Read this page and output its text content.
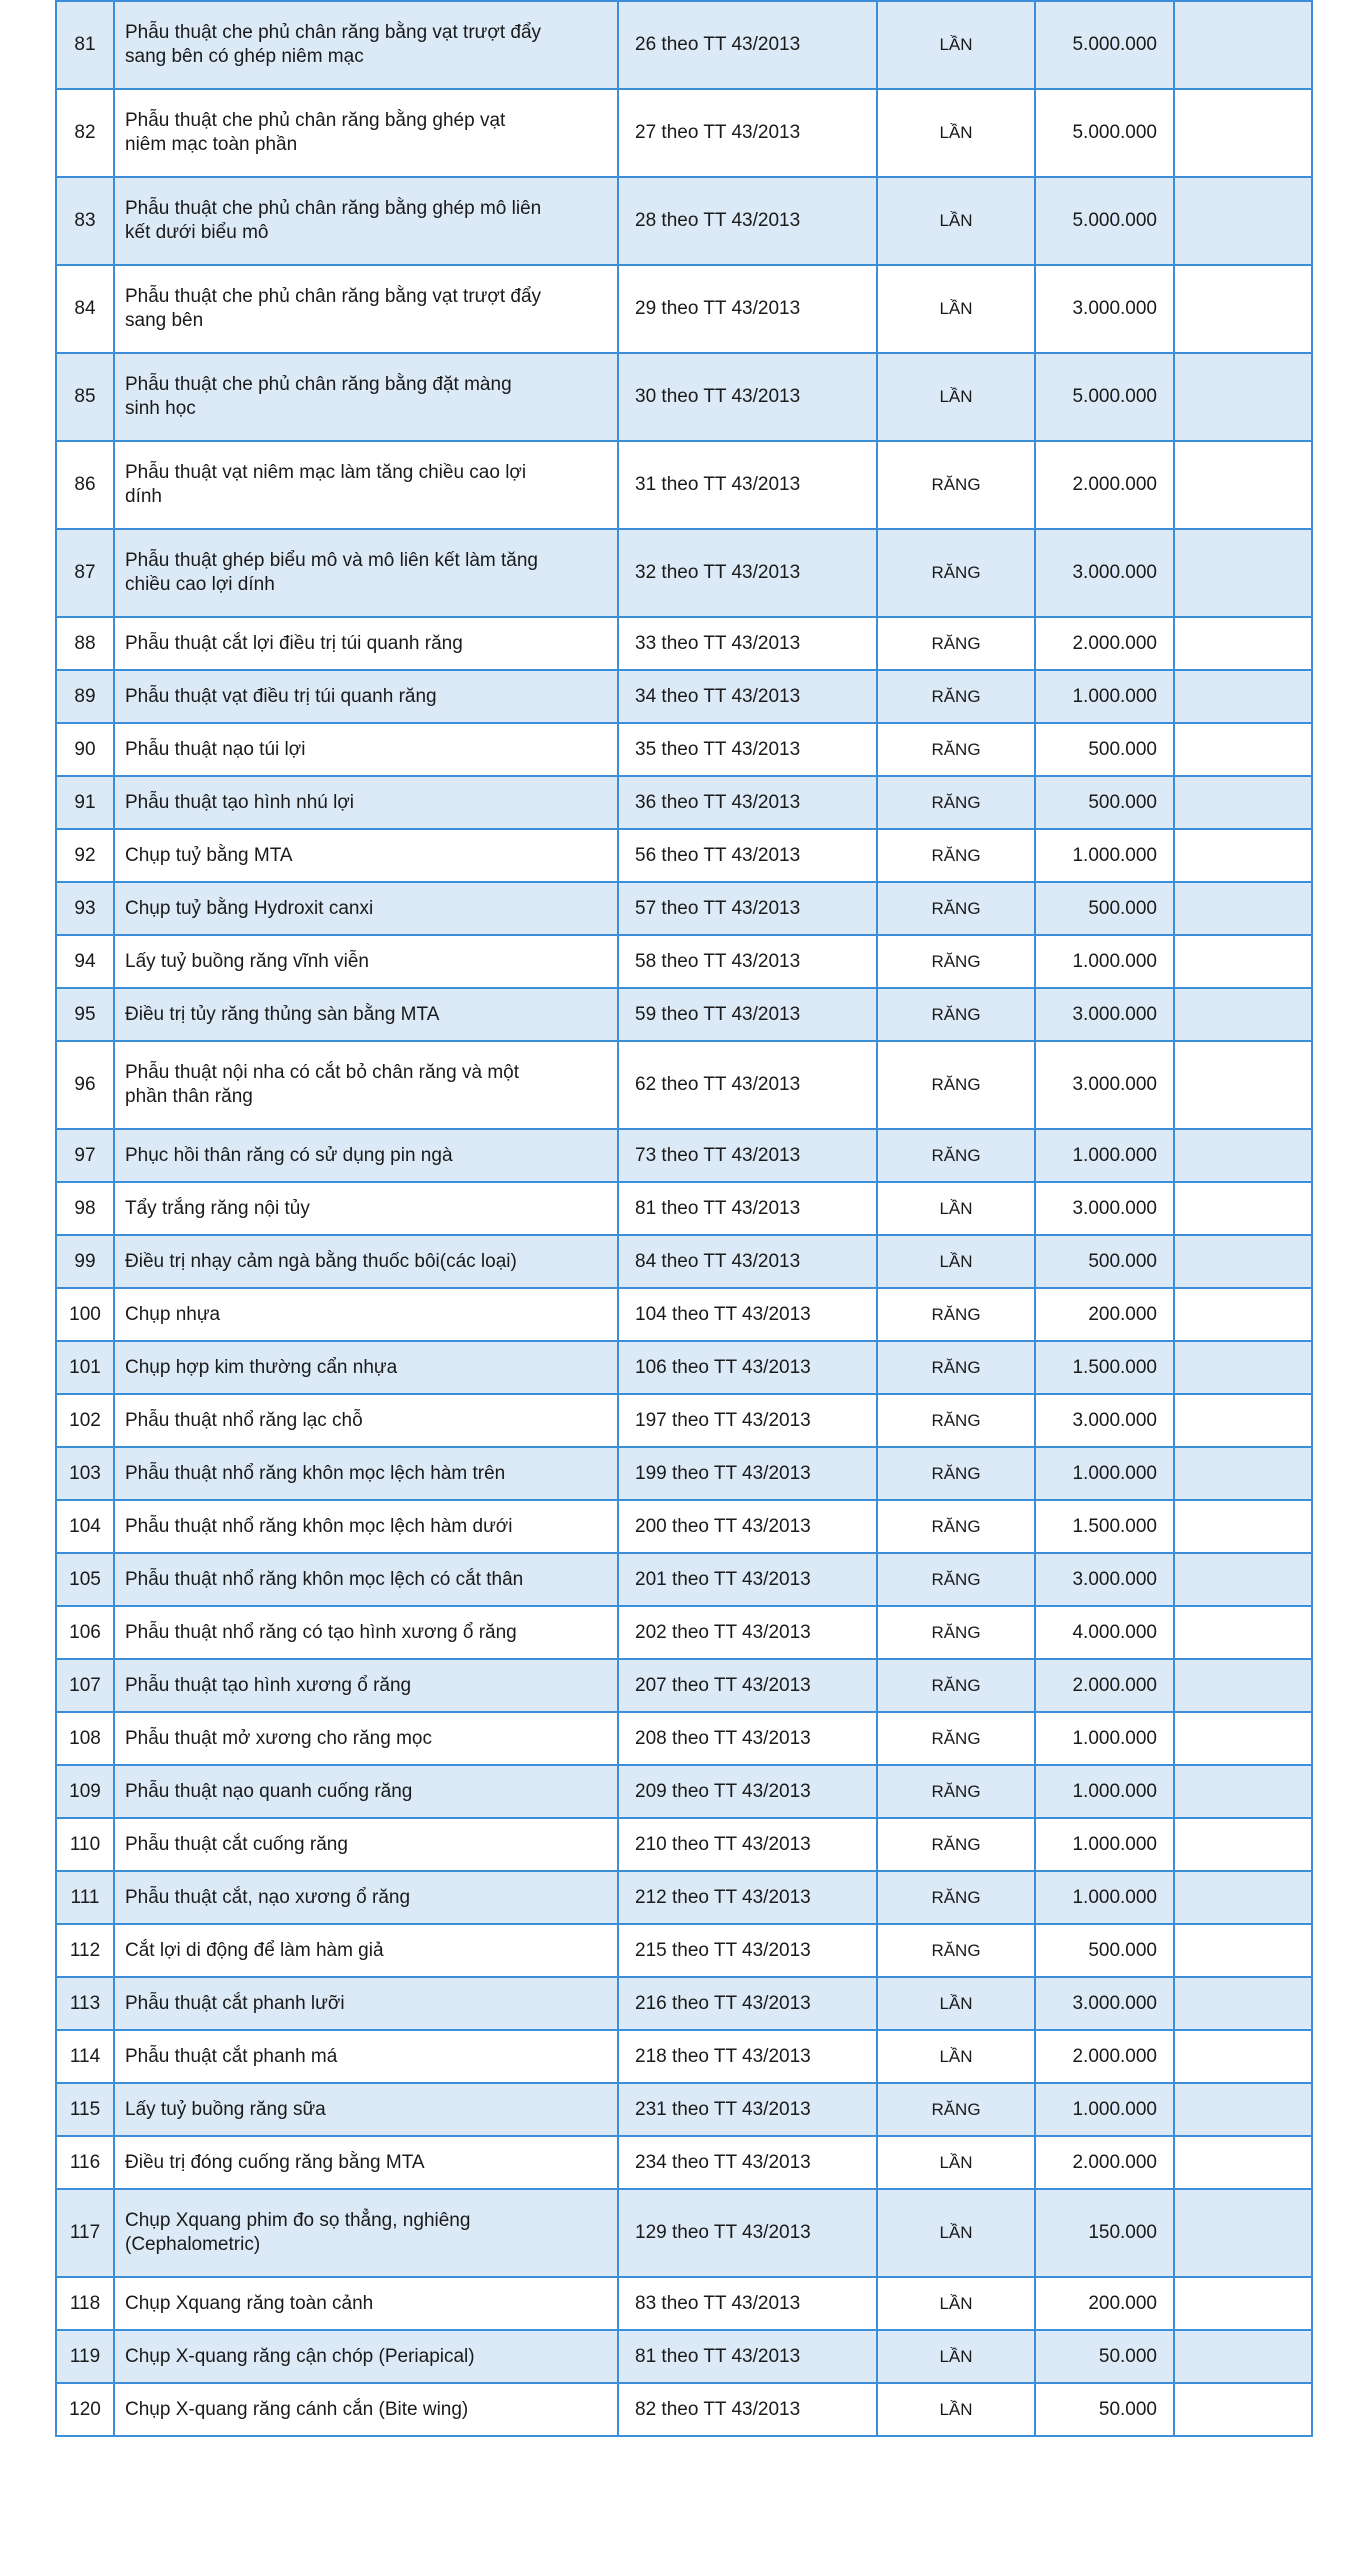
81	Phẫu thuật che phủ chân răng bằng vạt trượt đẩy sang bên có ghép niêm mạc	26 theo TT 43/2013	LẦN	5.000.000	
82	Phẫu thuật che phủ chân răng bằng ghép vạt niêm mạc toàn phần	27 theo TT 43/2013	LẦN	5.000.000	
83	Phẫu thuật che phủ chân răng bằng ghép mô liên kết dưới biểu mô	28 theo TT 43/2013	LẦN	5.000.000	
84	Phẫu thuật che phủ chân răng bằng vạt trượt đẩy sang bên	29 theo TT 43/2013	LẦN	3.000.000	
85	Phẫu thuật che phủ chân răng bằng đặt màng sinh học	30 theo TT 43/2013	LẦN	5.000.000	
86	Phẫu thuật vạt niêm mạc làm tăng chiều cao lợi dính	31 theo TT 43/2013	RĂNG	2.000.000	
87	Phẫu thuật ghép biểu mô và mô liên kết làm tăng chiều cao lợi dính	32 theo TT 43/2013	RĂNG	3.000.000	
88	Phẫu thuật cắt lợi điều trị túi quanh răng	33 theo TT 43/2013	RĂNG	2.000.000	
89	Phẫu thuật vạt điều trị túi quanh răng	34 theo TT 43/2013	RĂNG	1.000.000	
90	Phẫu thuật nạo túi lợi	35 theo TT 43/2013	RĂNG	500.000	
91	Phẫu thuật tạo hình nhú lợi	36 theo TT 43/2013	RĂNG	500.000	
92	Chụp tuỷ bằng MTA	56 theo TT 43/2013	RĂNG	1.000.000	
93	Chụp tuỷ bằng Hydroxit canxi	57 theo TT 43/2013	RĂNG	500.000	
94	Lấy tuỷ buồng răng vĩnh viễn	58 theo TT 43/2013	RĂNG	1.000.000	
95	Điều trị tủy răng thủng sàn bằng MTA	59 theo TT 43/2013	RĂNG	3.000.000	
96	Phẫu thuật nội nha có cắt bỏ chân răng và một phần thân răng	62 theo TT 43/2013	RĂNG	3.000.000	
97	Phục hồi thân răng có sử dụng pin ngà	73 theo TT 43/2013	RĂNG	1.000.000	
98	Tẩy trắng răng nội tủy	81 theo TT 43/2013	LẦN	3.000.000	
99	Điều trị nhạy cảm ngà bằng thuốc bôi(các loại)	84 theo TT 43/2013	LẦN	500.000	
100	Chụp nhựa	104 theo TT 43/2013	RĂNG	200.000	
101	Chụp hợp kim thường cẩn nhựa	106 theo TT 43/2013	RĂNG	1.500.000	
102	Phẫu thuật nhổ răng lạc chỗ	197 theo TT 43/2013	RĂNG	3.000.000	
103	Phẫu thuật nhổ răng khôn mọc lệch hàm trên	199 theo TT 43/2013	RĂNG	1.000.000	
104	Phẫu thuật nhổ răng khôn mọc lệch hàm dưới	200 theo TT 43/2013	RĂNG	1.500.000	
105	Phẫu thuật nhổ răng khôn mọc lệch có cắt thân	201 theo TT 43/2013	RĂNG	3.000.000	
106	Phẫu thuật nhổ răng có tạo hình xương ổ răng	202 theo TT 43/2013	RĂNG	4.000.000	
107	Phẫu thuật tạo hình xương ổ răng	207 theo TT 43/2013	RĂNG	2.000.000	
108	Phẫu thuật mở xương cho răng mọc	208 theo TT 43/2013	RĂNG	1.000.000	
109	Phẫu thuật nạo quanh cuống răng	209 theo TT 43/2013	RĂNG	1.000.000	
110	Phẫu thuật cắt cuống răng	210 theo TT 43/2013	RĂNG	1.000.000	
111	Phẫu thuật cắt, nạo xương ổ răng	212 theo TT 43/2013	RĂNG	1.000.000	
112	Cắt lợi di động để làm hàm giả	215 theo TT 43/2013	RĂNG	500.000	
113	Phẫu thuật cắt phanh lưỡi	216 theo TT 43/2013	LẦN	3.000.000	
114	Phẫu thuật cắt phanh má	218 theo TT 43/2013	LẦN	2.000.000	
115	Lấy tuỷ buồng răng sữa	231 theo TT 43/2013	RĂNG	1.000.000	
116	Điều trị đóng cuống răng bằng MTA	234 theo TT 43/2013	LẦN	2.000.000	
117	Chụp Xquang phim đo sọ thẳng, nghiêng (Cephalometric)	129 theo TT 43/2013	LẦN	150.000	
118	Chụp Xquang răng toàn cảnh	83 theo TT 43/2013	LẦN	200.000	
119	Chụp X-quang răng cận chóp (Periapical)	81 theo TT 43/2013	LẦN	50.000	
120	Chụp X-quang răng cánh cắn (Bite wing)	82 theo TT 43/2013	LẦN	50.000	
